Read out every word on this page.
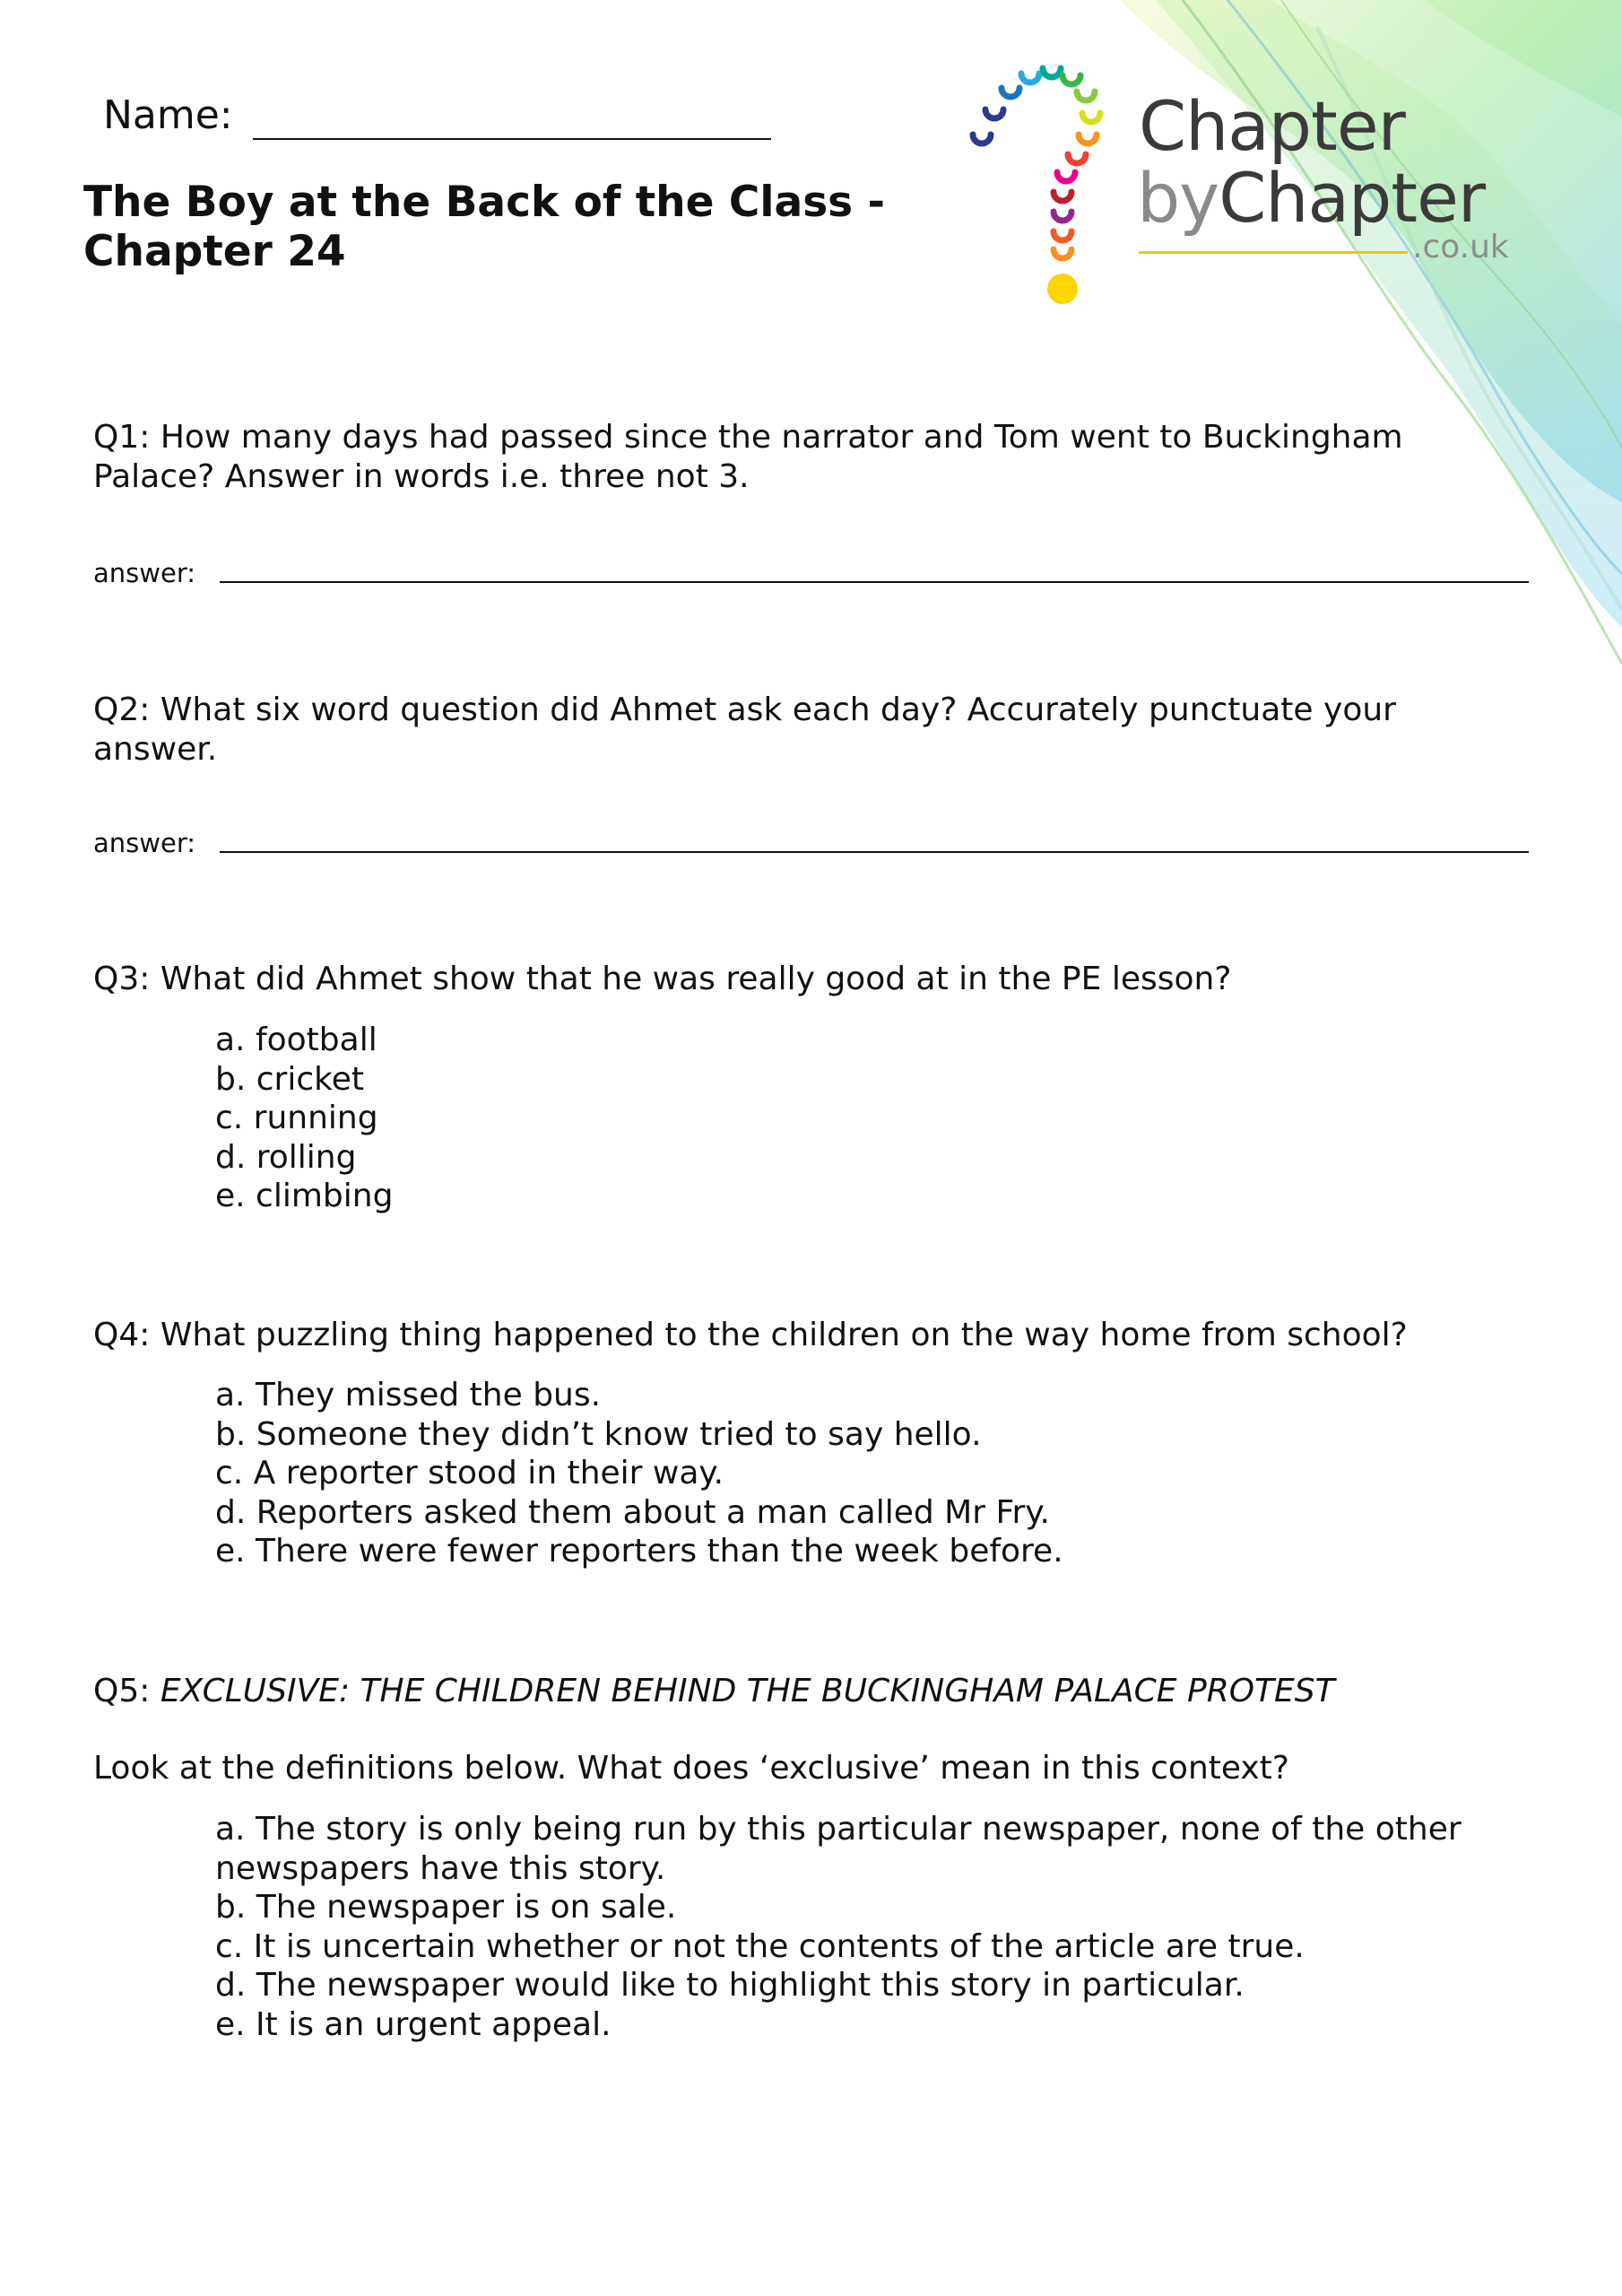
Chapter
byChapter
.co.uk
Name:
The Boy at the Back of the Class - Chapter 24
Q1: How many days had passed since the narrator and Tom went to Buckingham Palace? Answer in words i.e. three not 3.
answer:
Q2: What six word question did Ahmet ask each day? Accurately punctuate your answer.
answer:
Q3: What did Ahmet show that he was really good at in the PE lesson?
a. football
b. cricket
c. running
d. rolling
e. climbing
Q4: What puzzling thing happened to the children on the way home from school?
a. They missed the bus.
b. Someone they didn’t know tried to say hello.
c. A reporter stood in their way.
d. Reporters asked them about a man called Mr Fry.
e. There were fewer reporters than the week before.
Q5: EXCLUSIVE: THE CHILDREN BEHIND THE BUCKINGHAM PALACE PROTEST
Look at the definitions below. What does ‘exclusive’ mean in this context?
a. The story is only being run by this particular newspaper, none of the other newspapers have this story.
b. The newspaper is on sale.
c. It is uncertain whether or not the contents of the article are true.
d. The newspaper would like to highlight this story in particular.
e. It is an urgent appeal.
